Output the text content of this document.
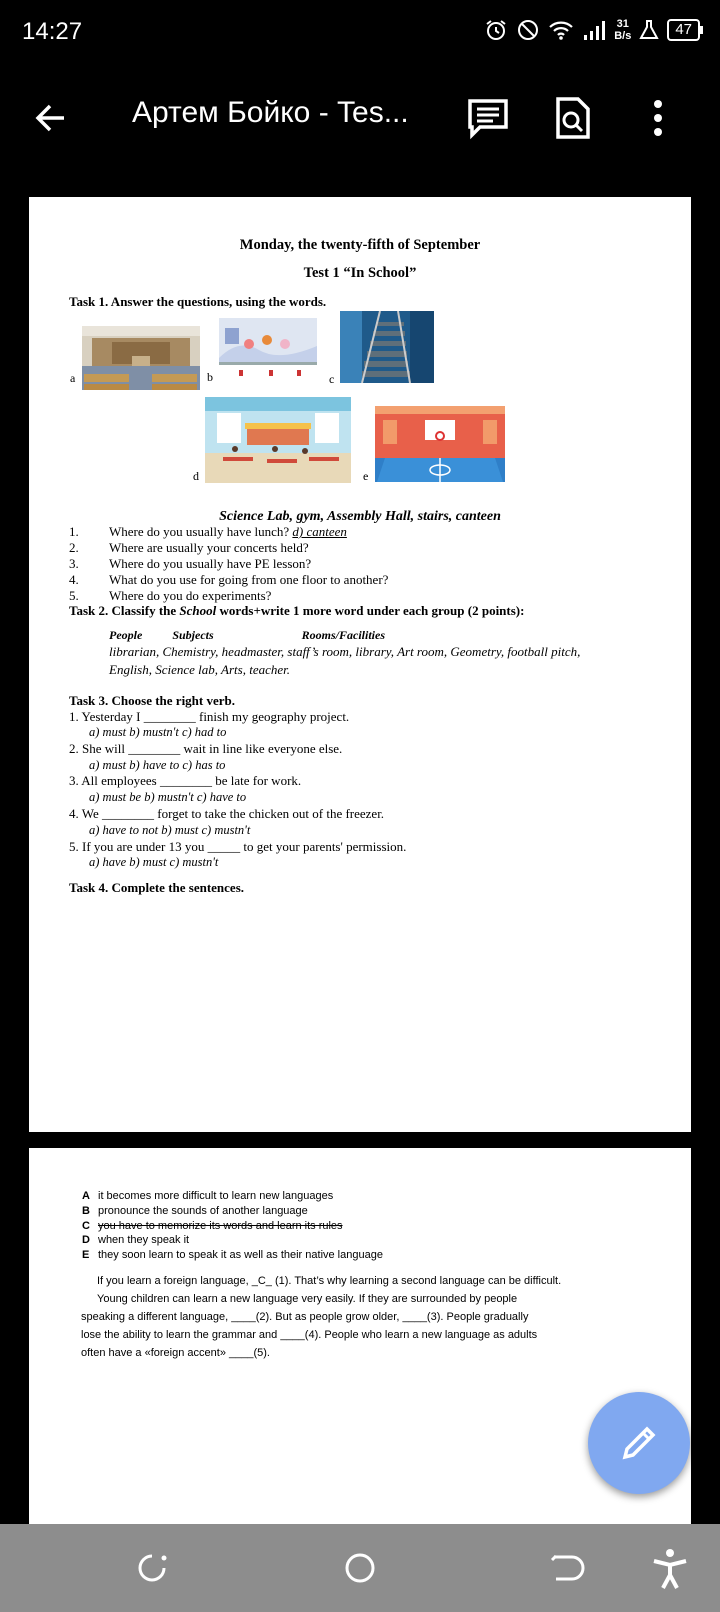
14:27	31
B/s	47
Артем Бойко - Tes...
Monday, the twenty-fifth of September
Test 1 “In School”
Task 1. Answer the questions, using the words.
a	b	c
d	e
Science Lab, gym, Assembly Hall, stairs, canteen
1. Where do you usually have lunch? d) canteen
2. Where are usually your concerts held?
3. Where do you usually have PE lesson?
4. What do you use for going from one floor to another?
5. Where do you do experiments?
Task 2. Classify the School words+write 1 more word under each group (2 points):
People	Subjects	Rooms/Facilities
librarian, Chemistry, headmaster, staff’s room, library, Art room, Geometry, football pitch,
English, Science lab, Arts, teacher.
Task 3. Choose the right verb.
1. Yesterday I ________ finish my geography project.
a) must b) mustn't c) had to
2. She will ________ wait in line like everyone else.
a) must b) have to c) has to
3. All employees ________ be late for work.
a) must be b) mustn't c) have to
4. We ________ forget to take the chicken out of the freezer.
a) have to not b) must c) mustn't
5. If you are under 13 you _____ to get your parents' permission.
a) have b) must c) mustn't
Task 4. Complete the sentences.
A it becomes more difficult to learn new languages
B pronounce the sounds of another language
C you have to memorize its words and learn its rules
D when they speak it
E they soon learn to speak it as well as their native language
If you learn a foreign language, _C_ (1). That’s why learning a second language can be difficult.
Young children can learn a new language very easily. If they are surrounded by people
speaking a different language, ____(2). But as people grow older, ____(3). People gradually
lose the ability to learn the grammar and ____(4). People who learn a new language as adults
often have a «foreign accent» ____(5).
